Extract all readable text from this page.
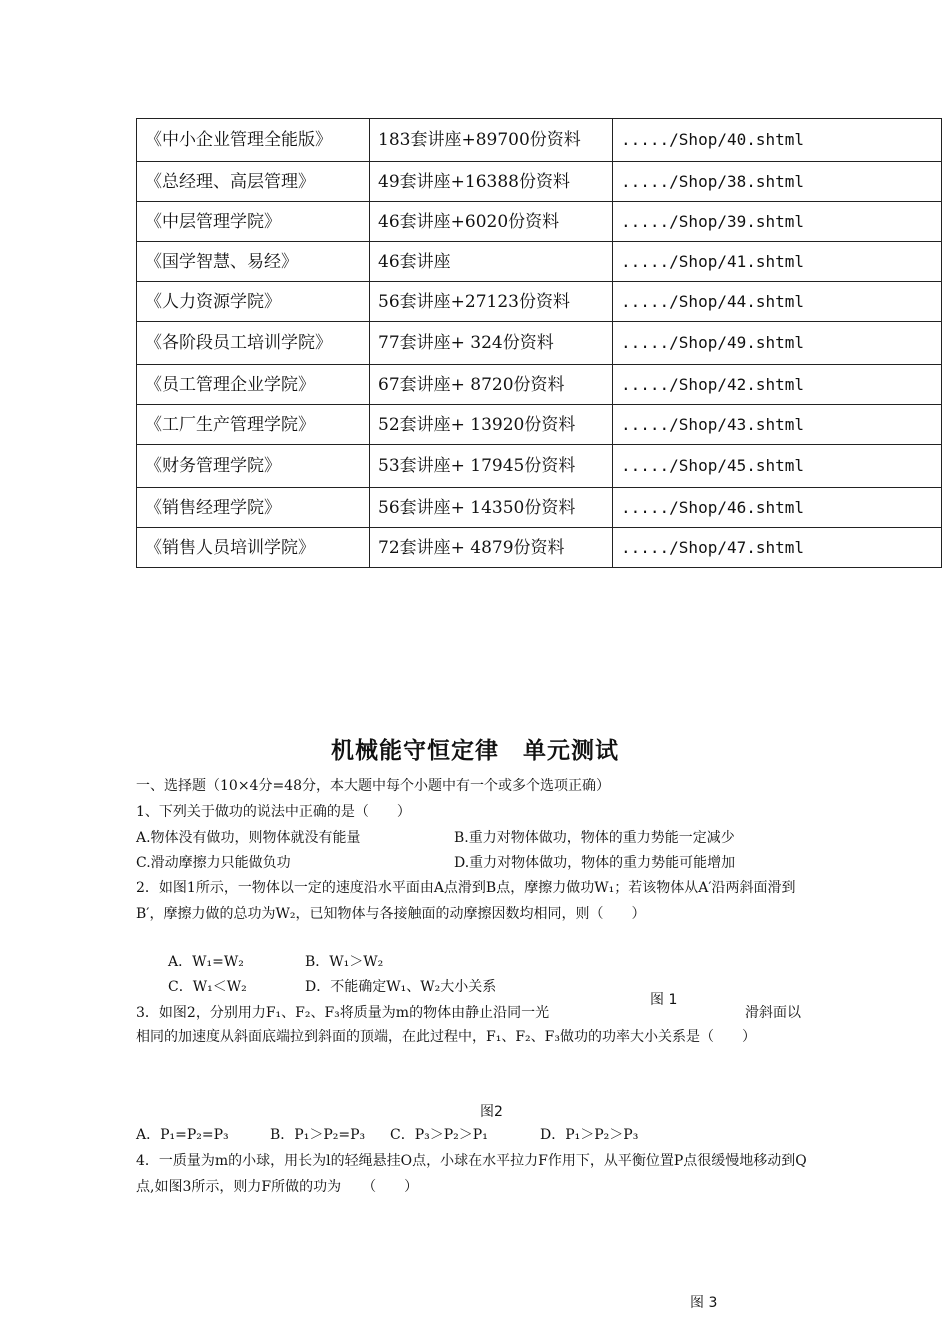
《中小企业管理全能版》	183套讲座+89700份资料	...../Shop/40.shtml
《总经理、高层管理》	49套讲座+16388份资料	...../Shop/38.shtml
《中层管理学院》	46套讲座+6020份资料	...../Shop/39.shtml
《国学智慧、易经》	46套讲座	...../Shop/41.shtml
《人力资源学院》	56套讲座+27123份资料	...../Shop/44.shtml
《各阶段员工培训学院》	77套讲座+ 324份资料	...../Shop/49.shtml
《员工管理企业学院》	67套讲座+ 8720份资料	...../Shop/42.shtml
《工厂生产管理学院》	52套讲座+ 13920份资料	...../Shop/43.shtml
《财务管理学院》	53套讲座+ 17945份资料	...../Shop/45.shtml
《销售经理学院》	56套讲座+ 14350份资料	...../Shop/46.shtml
《销售人员培训学院》	72套讲座+ 4879份资料	...../Shop/47.shtml
机械能守恒定律　单元测试
一、选择题（10×4分=48分，本大题中每个小题中有一个或多个选项正确）
1、下列关于做功的说法中正确的是（　　）
A.物体没有做功，则物体就没有能量	B.重力对物体做功，物体的重力势能一定减少
C.滑动摩擦力只能做负功	D.重力对物体做功，物体的重力势能可能增加
2．如图1所示，一物体以一定的速度沿水平面由A点滑到B点，摩擦力做功W₁；若该物体从A′沿两斜面滑到B′，摩擦力做的总功为W₂，已知物体与各接触面的动摩擦因数均相同，则（　　）
A．W₁=W₂	B．W₁＞W₂
C．W₁＜W₂	D．不能确定W₁、W₂大小关系
图 1
3．如图2，分别用力F₁、F₂、F₃将质量为m的物体由静止沿同一光	滑斜面以
相同的加速度从斜面底端拉到斜面的顶端，在此过程中，F₁、F₂、F₃做功的功率大小关系是（　　）
图2
A．P₁=P₂=P₃	B．P₁＞P₂=P₃ C．P₃＞P₂＞P₁	D．P₁＞P₂＞P₃
4．一质量为m的小球，用长为l的轻绳悬挂O点，小球在水平拉力F作用下，从平衡位置P点很缓慢地移动到Q点,如图3所示，则力F所做的功为　　（　　）
图 3
